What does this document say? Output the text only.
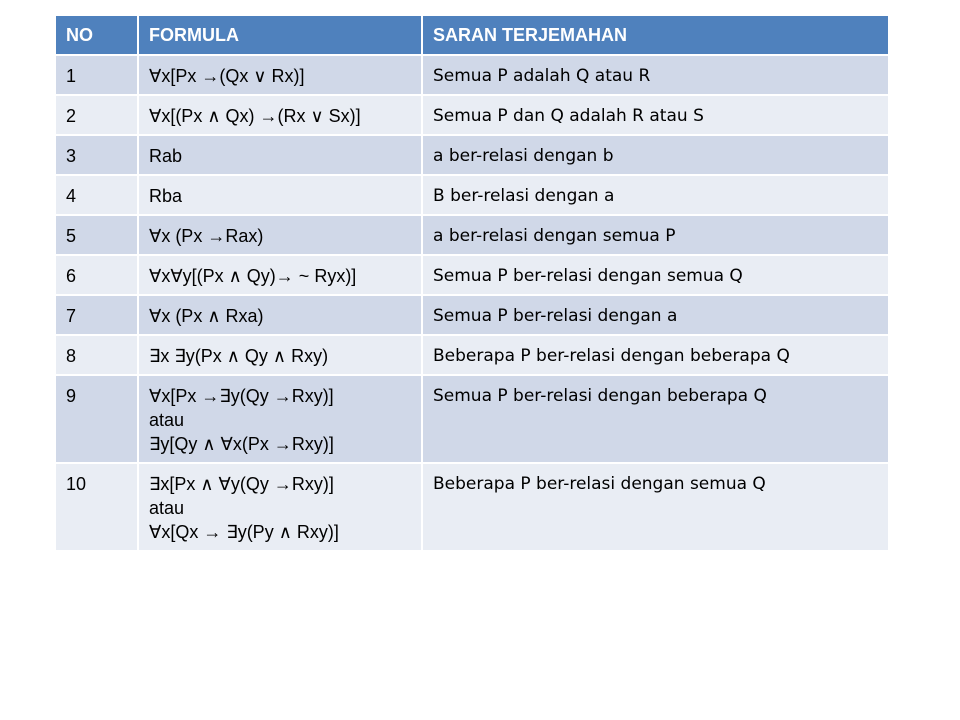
NO	FORMULA	SARAN TERJEMAHAN
1	∀x[Px →(Qx ∨ Rx)]	Semua P adalah Q atau R
2	∀x[(Px ∧ Qx) →(Rx ∨ Sx)]	Semua P dan Q adalah R atau S
3	Rab	a ber-relasi dengan b
4	Rba	B ber-relasi dengan a
5	∀x (Px →Rax)	a ber-relasi dengan semua P
6	∀x∀y[(Px ∧ Qy)→ ~ Ryx)]	Semua P ber-relasi dengan semua Q
7	∀x (Px ∧ Rxa)	Semua P ber-relasi dengan a
8	∃x ∃y(Px ∧ Qy ∧ Rxy)	Beberapa P ber-relasi dengan beberapa Q
9	∀x[Px →∃y(Qy →Rxy)]
atau
∃y[Qy ∧ ∀x(Px →Rxy)]	Semua P ber-relasi dengan beberapa Q
10	∃x[Px ∧ ∀y(Qy →Rxy)]
atau
∀x[Qx → ∃y(Py ∧ Rxy)]	Beberapa P ber-relasi dengan semua Q
